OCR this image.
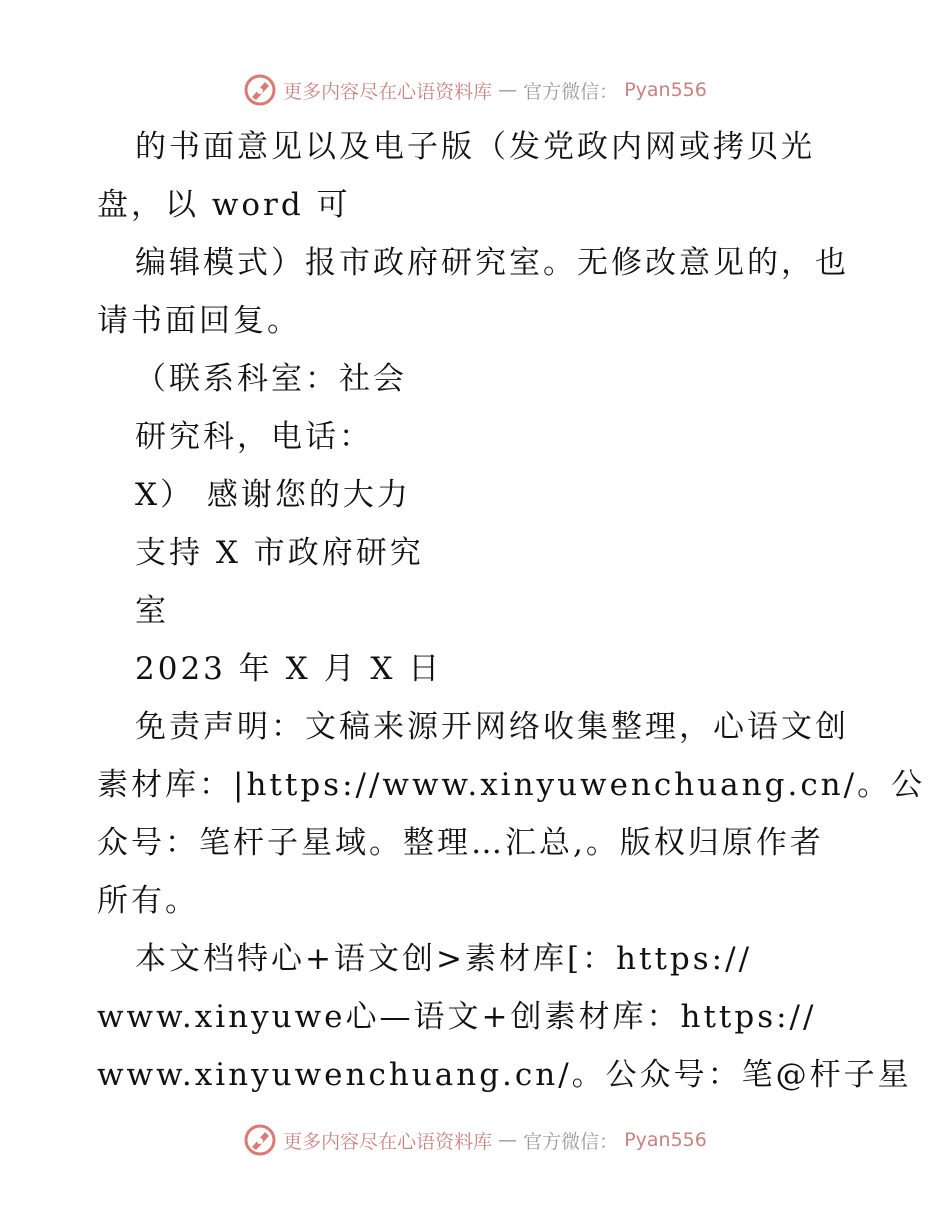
更多内容尽在心语资料库 — 官方微信： Pyan556
的书面意见以及电子版（发党政内网或拷贝光
盘，以 word 可
编辑模式）报市政府研究室。无修改意见的，也
请书面回复。
（联系科室：社会
研究科，电话：
X） 感谢您的大力
支持 X 市政府研究
室
2023 年 X 月 X 日
免责声明：文稿来源开网络收集整理，心语文创
素材库：|https://www.xinyuwenchuang.cn/。公
众号：笔杆子星域。整理…汇总,。版权归原作者
所有。
本文档特心+语文创>素材库[：https://
www.xinyuwe心—语文+创素材库：https://
www.xinyuwenchuang.cn/。公众号：笔@杆子星
更多内容尽在心语资料库 — 官方微信： Pyan556
